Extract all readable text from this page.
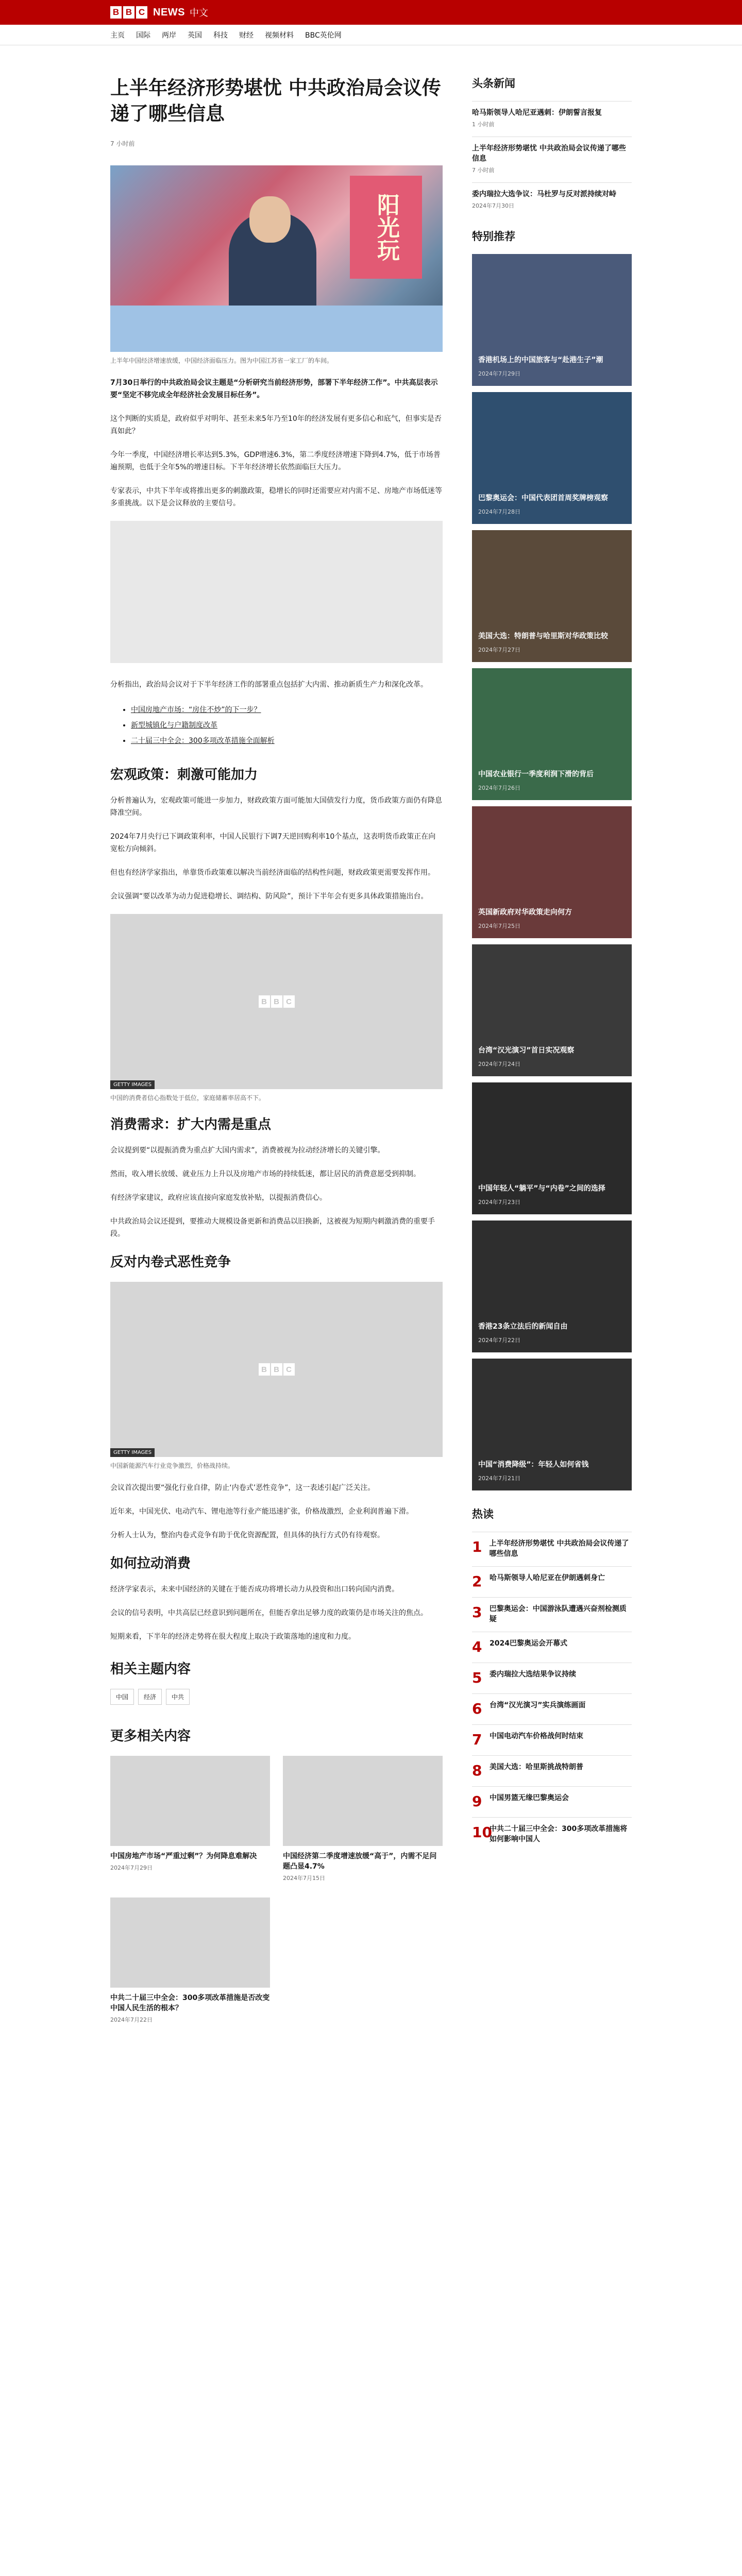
B B C NEWS 中文
主页 国际 两岸 英国 科技 财经 视频材料 BBC英伦网
上半年经济形势堪忧 中共政治局会议传递了哪些信息
7 小时前
阳光玩
上半年中国经济增速放缓，中国经济面临压力。图为中国江苏省一家工厂的车间。

7月30日举行的中共政治局会议主题是“分析研究当前经济形势，部署下半年经济工作”。中共高层表示要“坚定不移完成全年经济社会发展目标任务”。

这个判断的实质是，政府似乎对明年、甚至未来5年乃至10年的经济发展有更多信心和底气，但事实是否真如此？

今年一季度，中国经济增长率达到5.3%，GDP增速6.3%，第二季度经济增速下降到4.7%，低于市场普遍预期，也低于全年5%的增速目标。下半年经济增长依然面临巨大压力。

专家表示，中共下半年或将推出更多的刺激政策，稳增长的同时还需要应对内需不足、房地产市场低迷等多重挑战。以下是会议释放的主要信号。

分析指出，政治局会议对于下半年经济工作的部署重点包括扩大内需、推动新质生产力和深化改革。

• 中国房地产市场：“房住不炒”的下一步？
• 新型城镇化与户籍制度改革
• 二十届三中全会：300多项改革措施全面解析
宏观政策：刺激可能加力

分析普遍认为，宏观政策可能进一步加力，财政政策方面可能加大国债发行力度，货币政策方面仍有降息降准空间。

2024年7月央行已下调政策利率，中国人民银行下调7天逆回购利率10个基点，这表明货币政策正在向宽松方向倾斜。

但也有经济学家指出，单靠货币政策难以解决当前经济面临的结构性问题，财政政策更需要发挥作用。

会议强调“要以改革为动力促进稳增长、调结构、防风险”，预计下半年会有更多具体政策措施出台。

B B C
GETTY IMAGES
中国的消费者信心指数处于低位，家庭储蓄率居高不下。
消费需求：扩大内需是重点

会议提到要“以提振消费为重点扩大国内需求”，消费被视为拉动经济增长的关键引擎。

然而，收入增长放缓、就业压力上升以及房地产市场的持续低迷，都让居民的消费意愿受到抑制。

有经济学家建议，政府应该直接向家庭发放补贴，以提振消费信心。

中共政治局会议还提到，要推动大规模设备更新和消费品以旧换新，这被视为短期内刺激消费的重要手段。

反对内卷式恶性竞争
B B C
GETTY IMAGES
中国新能源汽车行业竞争激烈，价格战持续。

会议首次提出要“强化行业自律，防止‘内卷式’恶性竞争”，这一表述引起广泛关注。

近年来，中国光伏、电动汽车、锂电池等行业产能迅速扩张，价格战激烈，企业利润普遍下滑。

分析人士认为，整治内卷式竞争有助于优化资源配置，但具体的执行方式仍有待观察。

如何拉动消费

经济学家表示，未来中国经济的关键在于能否成功将增长动力从投资和出口转向国内消费。

会议的信号表明，中共高层已经意识到问题所在，但能否拿出足够力度的政策仍是市场关注的焦点。

短期来看，下半年的经济走势将在很大程度上取决于政策落地的速度和力度。

相关主题内容
中国	经济	中共
更多相关内容
中国房地产市场“严重过剩”？为何降息难解决
2024年7月29日
中国经济第二季度增速放缓“高于”，内需不足问题凸显4.7%
2024年7月15日
中共二十届三中全会：300多项改革措施是否改变中国人民生活的根本？
2024年7月22日
头条新闻
哈马斯领导人哈尼亚遇刺：伊朗誓言报复
1 小时前
上半年经济形势堪忧 中共政治局会议传递了哪些信息
7 小时前
委内瑞拉大选争议：马杜罗与反对派持续对峙
2024年7月30日
特别推荐
香港机场上的中国旅客与“赴港生子”潮
2024年7月29日
巴黎奥运会：中国代表团首周奖牌榜观察
2024年7月28日
美国大选：特朗普与哈里斯对华政策比较
2024年7月27日
中国农业银行一季度利润下滑的背后
2024年7月26日
英国新政府对华政策走向何方
2024年7月25日
台湾“汉光演习”首日实况观察
2024年7月24日
中国年轻人“躺平”与“内卷”之间的选择
2024年7月23日
香港23条立法后的新闻自由
2024年7月22日
中国“消费降级”：年轻人如何省钱
2024年7月21日
热读
1 上半年经济形势堪忧 中共政治局会议传递了哪些信息
2 哈马斯领导人哈尼亚在伊朗遇刺身亡
3 巴黎奥运会：中国游泳队遭遇兴奋剂检测质疑
4 2024巴黎奥运会开幕式
5 委内瑞拉大选结果争议持续
6 台湾“汉光演习”实兵演练画面
7 中国电动汽车价格战何时结束
8 美国大选：哈里斯挑战特朗普
9 中国男篮无缘巴黎奥运会
10
中共二十届三中全会：300多项改革措施将如何影响中国人
